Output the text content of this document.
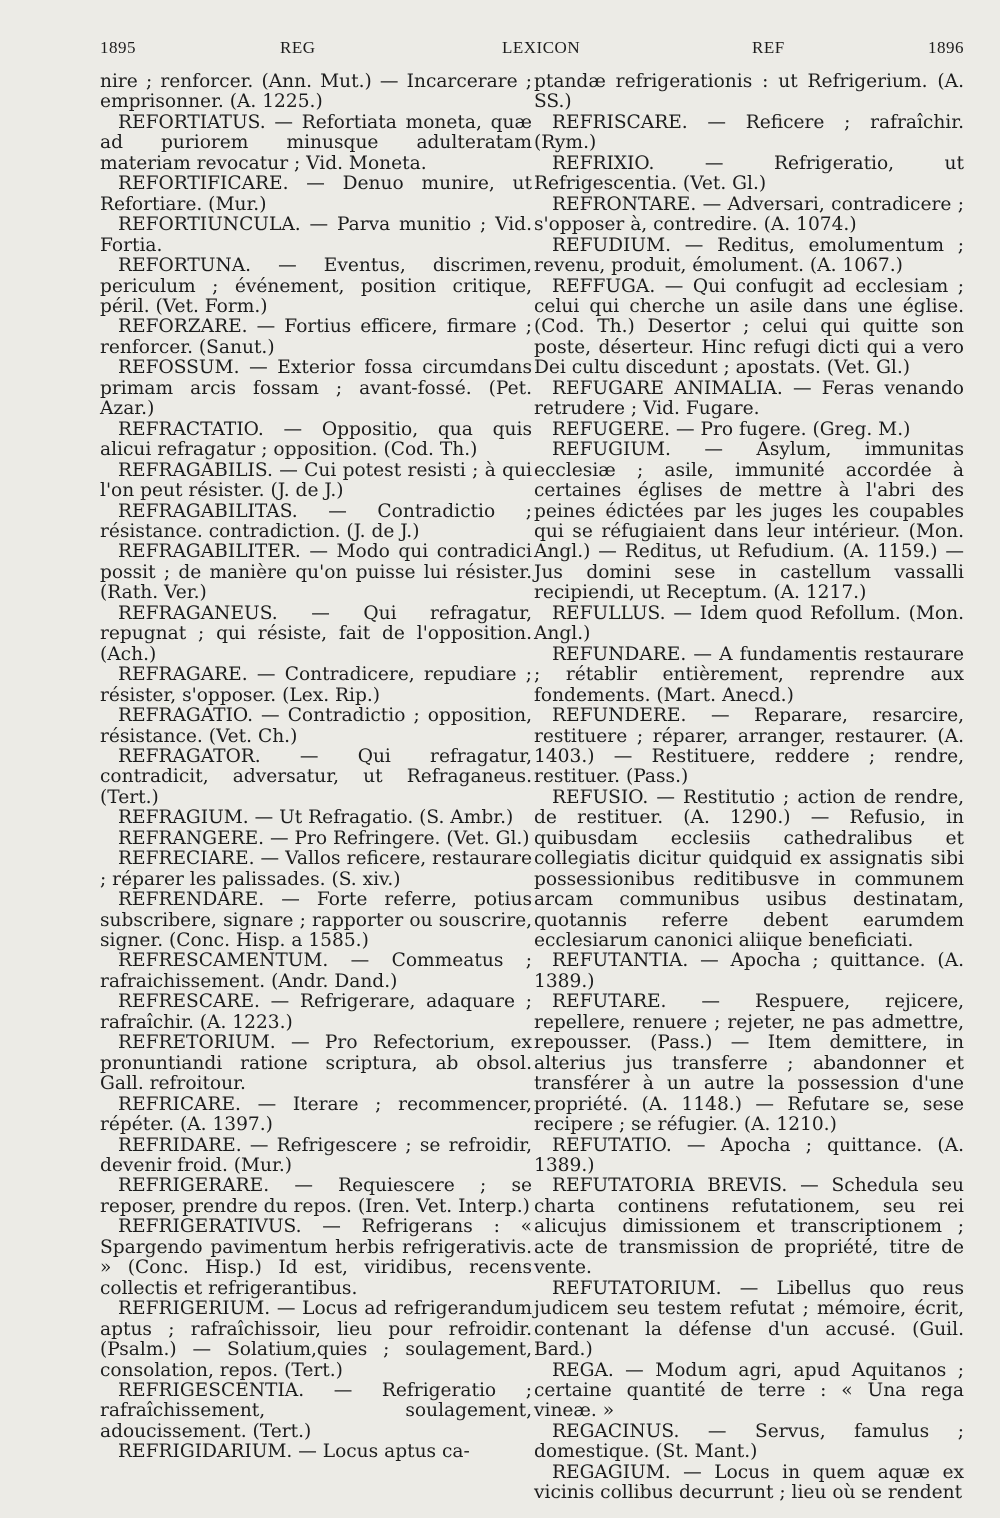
1895	REG	LEXICON	REF	1896

nire ; renforcer. (Ann. Mut.) — Incarcerare ; emprisonner. (A. 1225.)

REFORTIATUS. — Refortiata moneta, quæ ad puriorem minusque adulteratam materiam revocatur ; Vid. Moneta.

REFORTIFICARE. — Denuo munire, ut Refortiare. (Mur.)

REFORTIUNCULA. — Parva munitio ; Vid. Fortia.

REFORTUNA. — Eventus, discrimen, periculum ; événement, position critique, péril. (Vet. Form.)

REFORZARE. — Fortius efficere, firmare ; renforcer. (Sanut.)

REFOSSUM. — Exterior fossa circumdans primam arcis fossam ; avant-fossé. (Pet. Azar.)

REFRACTATIO. — Oppositio, qua quis alicui refragatur ; opposition. (Cod. Th.)

REFRAGABILIS. — Cui potest resisti ; à qui l'on peut résister. (J. de J.)

REFRAGABILITAS. — Contradictio ; résistance. contradiction. (J. de J.)

REFRAGABILITER. — Modo qui contradici possit ; de manière qu'on puisse lui résister. (Rath. Ver.)

REFRAGANEUS. — Qui refragatur, repugnat ; qui résiste, fait de l'opposition. (Ach.)

REFRAGARE. — Contradicere, repudiare ; résister, s'opposer. (Lex. Rip.)

REFRAGATIO. — Contradictio ; opposition, résistance. (Vet. Ch.)

REFRAGATOR. — Qui refragatur, contradicit, adversatur, ut Refraganeus. (Tert.)

REFRAGIUM. — Ut Refragatio. (S. Ambr.)

REFRANGERE. — Pro Refringere. (Vet. Gl.)

REFRECIARE. — Vallos reficere, restaurare ; réparer les palissades. (S. xiv.)

REFRENDARE. — Forte referre, potius subscribere, signare ; rapporter ou souscrire, signer. (Conc. Hisp. a 1585.)

REFRESCAMENTUM. — Commeatus ; rafraichissement. (Andr. Dand.)

REFRESCARE. — Refrigerare, adaquare ; rafraîchir. (A. 1223.)

REFRETORIUM. — Pro Refectorium, ex pronuntiandi ratione scriptura, ab obsol. Gall. refroitour.

REFRICARE. — Iterare ; recommencer, répéter. (A. 1397.)

REFRIDARE. — Refrigescere ; se refroidir, devenir froid. (Mur.)

REFRIGERARE. — Requiescere ; se reposer, prendre du repos. (Iren. Vet. Interp.)

REFRIGERATIVUS. — Refrigerans : « Spargendo pavimentum herbis refrigerativis. » (Conc. Hisp.) Id est, viridibus, recens collectis et refrigerantibus.

REFRIGERIUM. — Locus ad refrigerandum aptus ; rafraîchissoir, lieu pour refroidir. (Psalm.) — Solatium,quies ; soulagement, consolation, repos. (Tert.)

REFRIGESCENTIA. — Refrigeratio ; rafraîchissement, soulagement, adoucissement. (Tert.)

REFRIGIDARIUM. — Locus aptus ca-

ptandæ refrigerationis : ut Refrigerium. (A. SS.)

REFRISCARE. — Reficere ; rafraîchir. (Rym.)

REFRIXIO. — Refrigeratio, ut Refrigescentia. (Vet. Gl.)

REFRONTARE. — Adversari, contradicere ; s'opposer à, contredire. (A. 1074.)

REFUDIUM. — Reditus, emolumentum ; revenu, produit, émolument. (A. 1067.)

REFFUGA. — Qui confugit ad ecclesiam ; celui qui cherche un asile dans une église. (Cod. Th.) Desertor ; celui qui quitte son poste, déserteur. Hinc refugi dicti qui a vero Dei cultu discedunt ; apostats. (Vet. Gl.)

REFUGARE ANIMALIA. — Feras venando retrudere ; Vid. Fugare.

REFUGERE. — Pro fugere. (Greg. M.)

REFUGIUM. — Asylum, immunitas ecclesiæ ; asile, immunité accordée à certaines églises de mettre à l'abri des peines édictées par les juges les coupables qui se réfugiaient dans leur intérieur. (Mon. Angl.) — Reditus, ut Refudium. (A. 1159.) — Jus domini sese in castellum vassalli recipiendi, ut Receptum. (A. 1217.)

REFULLUS. — Idem quod Refollum. (Mon. Angl.)

REFUNDARE. — A fundamentis restaurare ; rétablir entièrement, reprendre aux fondements. (Mart. Anecd.)

REFUNDERE. — Reparare, resarcire, restituere ; réparer, arranger, restaurer. (A. 1403.) — Restituere, reddere ; rendre, restituer. (Pass.)

REFUSIO. — Restitutio ; action de rendre, de restituer. (A. 1290.) — Refusio, in quibusdam ecclesiis cathedralibus et collegiatis dicitur quidquid ex assignatis sibi possessionibus reditibusve in communem arcam communibus usibus destinatam, quotannis referre debent earumdem ecclesiarum canonici aliique beneficiati.

REFUTANTIA. — Apocha ; quittance. (A. 1389.)

REFUTARE. — Respuere, rejicere, repellere, renuere ; rejeter, ne pas admettre, repousser. (Pass.) — Item demittere, in alterius jus transferre ; abandonner et transférer à un autre la possession d'une propriété. (A. 1148.) — Refutare se, sese recipere ; se réfugier. (A. 1210.)

REFUTATIO. — Apocha ; quittance. (A. 1389.)

REFUTATORIA BREVIS. — Schedula seu charta continens refutationem, seu rei alicujus dimissionem et transcriptionem ; acte de transmission de propriété, titre de vente.

REFUTATORIUM. — Libellus quo reus judicem seu testem refutat ; mémoire, écrit, contenant la défense d'un accusé. (Guil. Bard.)

REGA. — Modum agri, apud Aquitanos ; certaine quantité de terre : « Una rega vineæ. »

REGACINUS. — Servus, famulus ; domestique. (St. Mant.)

REGAGIUM. — Locus in quem aquæ ex vicinis collibus decurrunt ; lieu où se rendent
